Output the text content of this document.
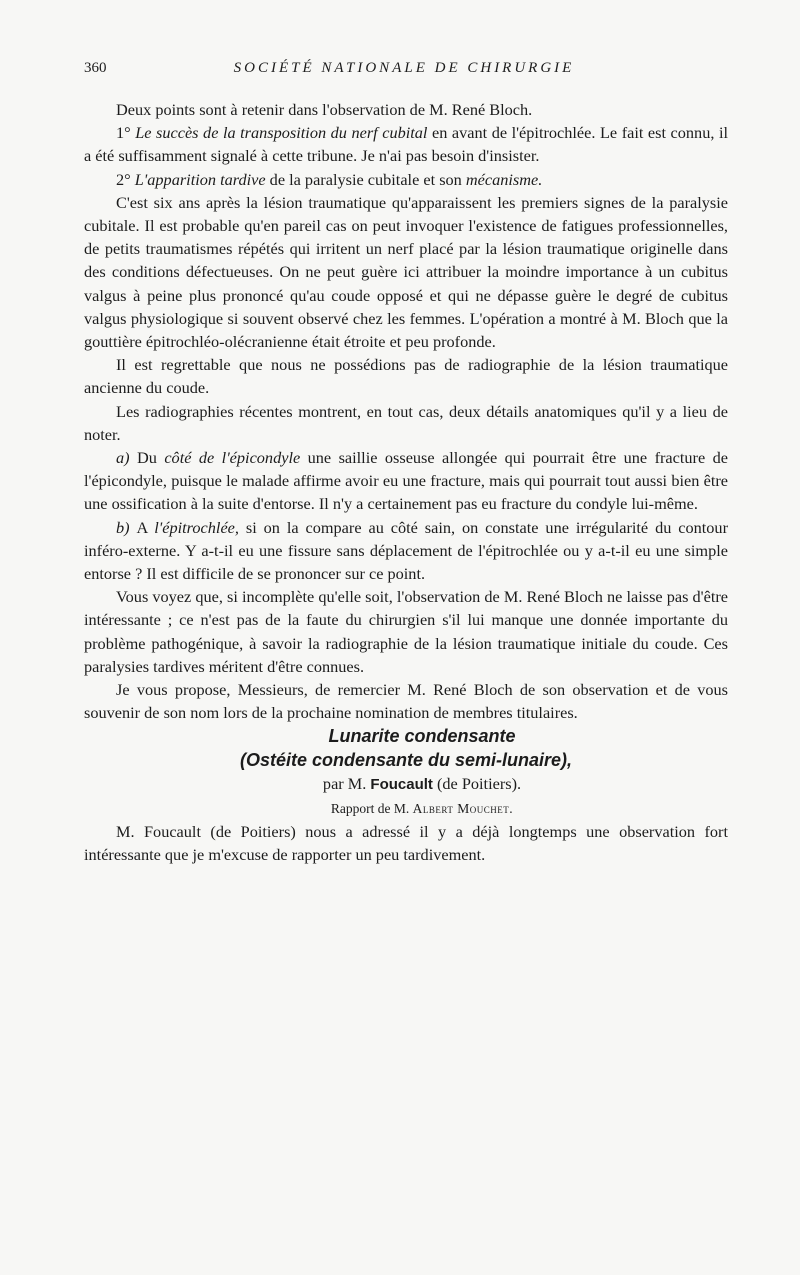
360	SOCIÉTÉ NATIONALE DE CHIRURGIE

Deux points sont à retenir dans l'observation de M. René Bloch.

1° Le succès de la transposition du nerf cubital en avant de l'épitrochlée. Le fait est connu, il a été suffisamment signalé à cette tribune. Je n'ai pas besoin d'insister.

2° L'apparition tardive de la paralysie cubitale et son mécanisme.

C'est six ans après la lésion traumatique qu'apparaissent les premiers signes de la paralysie cubitale. Il est probable qu'en pareil cas on peut invoquer l'existence de fatigues professionnelles, de petits traumatismes répétés qui irritent un nerf placé par la lésion traumatique originelle dans des conditions défectueuses. On ne peut guère ici attribuer la moindre importance à un cubitus valgus à peine plus prononcé qu'au coude opposé et qui ne dépasse guère le degré de cubitus valgus physiologique si souvent observé chez les femmes. L'opération a montré à M. Bloch que la gouttière épitrochléo-olécranienne était étroite et peu profonde.

Il est regrettable que nous ne possédions pas de radiographie de la lésion traumatique ancienne du coude.

Les radiographies récentes montrent, en tout cas, deux détails anatomiques qu'il y a lieu de noter.

a) Du côté de l'épicondyle une saillie osseuse allongée qui pourrait être une fracture de l'épicondyle, puisque le malade affirme avoir eu une fracture, mais qui pourrait tout aussi bien être une ossification à la suite d'entorse. Il n'y a certainement pas eu fracture du condyle lui-même.

b) A l'épitrochlée, si on la compare au côté sain, on constate une irrégularité du contour inféro-externe. Y a-t-il eu une fissure sans déplacement de l'épitrochlée ou y a-t-il eu une simple entorse ? Il est difficile de se prononcer sur ce point.

Vous voyez que, si incomplète qu'elle soit, l'observation de M. René Bloch ne laisse pas d'être intéressante ; ce n'est pas de la faute du chirurgien s'il lui manque une donnée importante du problème pathogénique, à savoir la radiographie de la lésion traumatique initiale du coude. Ces paralysies tardives méritent d'être connues.

Je vous propose, Messieurs, de remercier M. René Bloch de son observation et de vous souvenir de son nom lors de la prochaine nomination de membres titulaires.

Lunarite condensante
(Ostéite condensante du semi-lunaire),

par M. Foucault (de Poitiers).

Rapport de M. Albert Mouchet.

M. Foucault (de Poitiers) nous a adressé il y a déjà longtemps une observation fort intéressante que je m'excuse de rapporter un peu tardivement.
